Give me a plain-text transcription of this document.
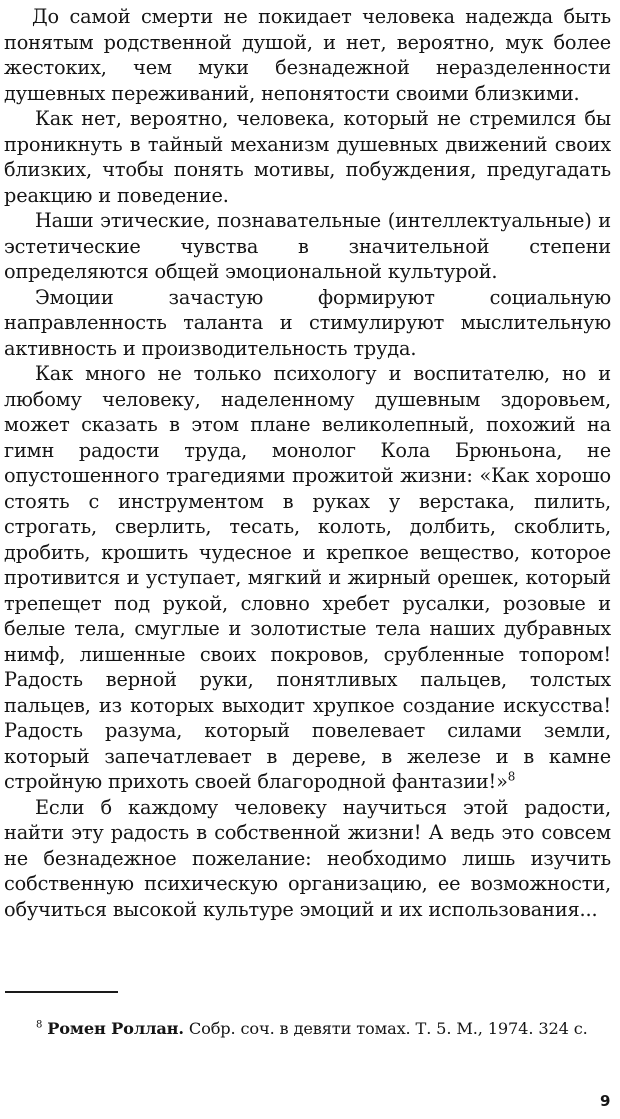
До самой смерти не покидает человека надежда быть понятым родственной душой, и нет, вероятно, мук более жестоких, чем муки безнадежной неразделенности душевных переживаний, непонятости своими близкими.

Как нет, вероятно, человека, который не стремился бы проникнуть в тайный механизм душевных движений своих близких, чтобы понять мотивы, побуждения, предугадать реакцию и поведение.

Наши этические, познавательные (интеллектуальные) и эстетические чувства в значительной степени определяются общей эмоциональной культурой.

Эмоции зачастую формируют социальную направленность таланта и стимулируют мыслительную активность и производительность труда.

Как много не только психологу и воспитателю, но и любому человеку, наделенному душевным здоровьем, может сказать в этом плане великолепный, похожий на гимн радости труда, монолог Кола Брюньона, не опустошенного трагедиями прожитой жизни: «Как хорошо стоять с инструментом в руках у верстака, пилить, строгать, сверлить, тесать, колоть, долбить, скоблить, дробить, крошить чудесное и крепкое вещество, которое противится и уступает, мягкий и жирный орешек, который трепещет под рукой, словно хребет русалки, розовые и белые тела, смуглые и золотистые тела наших дубравных нимф, лишенные своих покровов, срубленные топором! Радость верной руки, понятливых пальцев, толстых пальцев, из которых выходит хрупкое создание искусства! Радость разума, который повелевает силами земли, который запечатлевает в дереве, в железе и в камне стройную прихоть своей благородной фантазии!»$^8$

Если б каждому человеку научиться этой радости, найти эту радость в собственной жизни! А ведь это совсем не безнадежное пожелание: необходимо лишь изучить собственную психическую организацию, ее возможности, обучиться высокой культуре эмоций и их использования...

$^8$ Ромен Роллан. Собр. соч. в девяти томах. Т. 5. М., 1974. 324 с.
9
